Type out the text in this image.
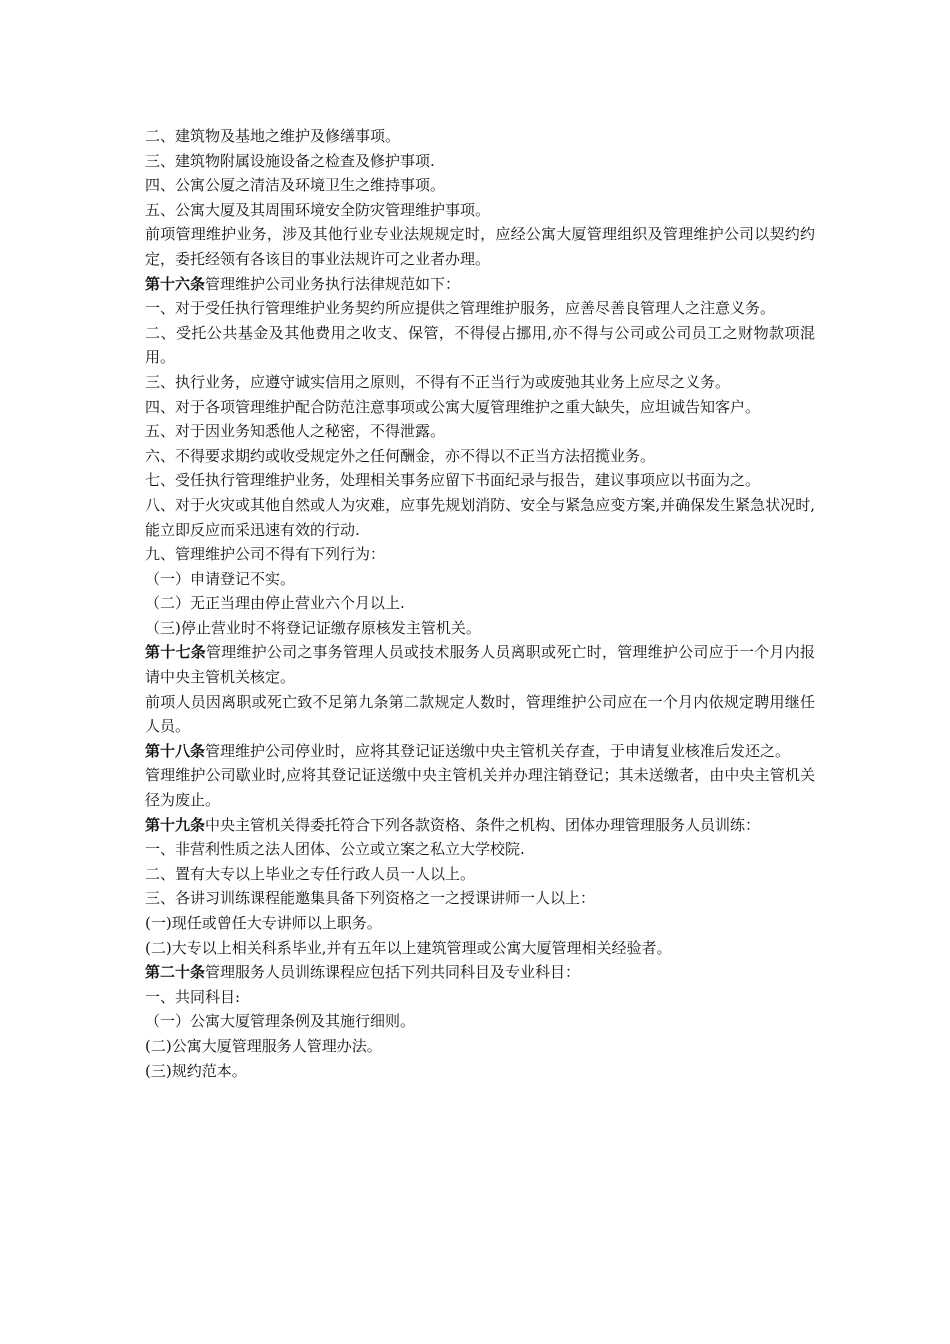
二、建筑物及基地之维护及修缮事项。
三、建筑物附属设施设备之检查及修护事项.
四、公寓公厦之清洁及环境卫生之维持事项。
五、公寓大厦及其周围环境安全防灾管理维护事项。
前项管理维护业务，涉及其他行业专业法规规定时，应经公寓大厦管理组织及管理维护公司以契约约定，委托经领有各该目的事业法规许可之业者办理。
第十六条管理维护公司业务执行法律规范如下：
一、对于受任执行管理维护业务契约所应提供之管理维护服务，应善尽善良管理人之注意义务。
二、受托公共基金及其他费用之收支、保管，不得侵占挪用,亦不得与公司或公司员工之财物款项混用。
三、执行业务，应遵守诚实信用之原则，不得有不正当行为或废弛其业务上应尽之义务。
四、对于各项管理维护配合防范注意事项或公寓大厦管理维护之重大缺失，应坦诚告知客户。
五、对于因业务知悉他人之秘密，不得泄露。
六、不得要求期约或收受规定外之任何酬金，亦不得以不正当方法招揽业务。
七、受任执行管理维护业务，处理相关事务应留下书面纪录与报告，建议事项应以书面为之。
八、对于火灾或其他自然或人为灾难，应事先规划消防、安全与紧急应变方案,并确保发生紧急状况时,能立即反应而采迅速有效的行动.
九、管理维护公司不得有下列行为：
（一）申请登记不实。
（二）无正当理由停止营业六个月以上.
（三)停止营业时不将登记证缴存原核发主管机关。
第十七条管理维护公司之事务管理人员或技术服务人员离职或死亡时，管理维护公司应于一个月内报请中央主管机关核定。
前项人员因离职或死亡致不足第九条第二款规定人数时，管理维护公司应在一个月内依规定聘用继任人员。
第十八条管理维护公司停业时，应将其登记证送缴中央主管机关存查，于申请复业核准后发还之。
管理维护公司歇业时,应将其登记证送缴中央主管机关并办理注销登记；其未送缴者，由中央主管机关径为废止。
第十九条中央主管机关得委托符合下列各款资格、条件之机构、团体办理管理服务人员训练：
一、非营利性质之法人团体、公立或立案之私立大学校院.
二、置有大专以上毕业之专任行政人员一人以上。
三、各讲习训练课程能邀集具备下列资格之一之授课讲师一人以上：
(一)现任或曾任大专讲师以上职务。
(二)大专以上相关科系毕业,并有五年以上建筑管理或公寓大厦管理相关经验者。
第二十条管理服务人员训练课程应包括下列共同科目及专业科目：
一、共同科目:
（一）公寓大厦管理条例及其施行细则。
(二)公寓大厦管理服务人管理办法。
(三)规约范本。
